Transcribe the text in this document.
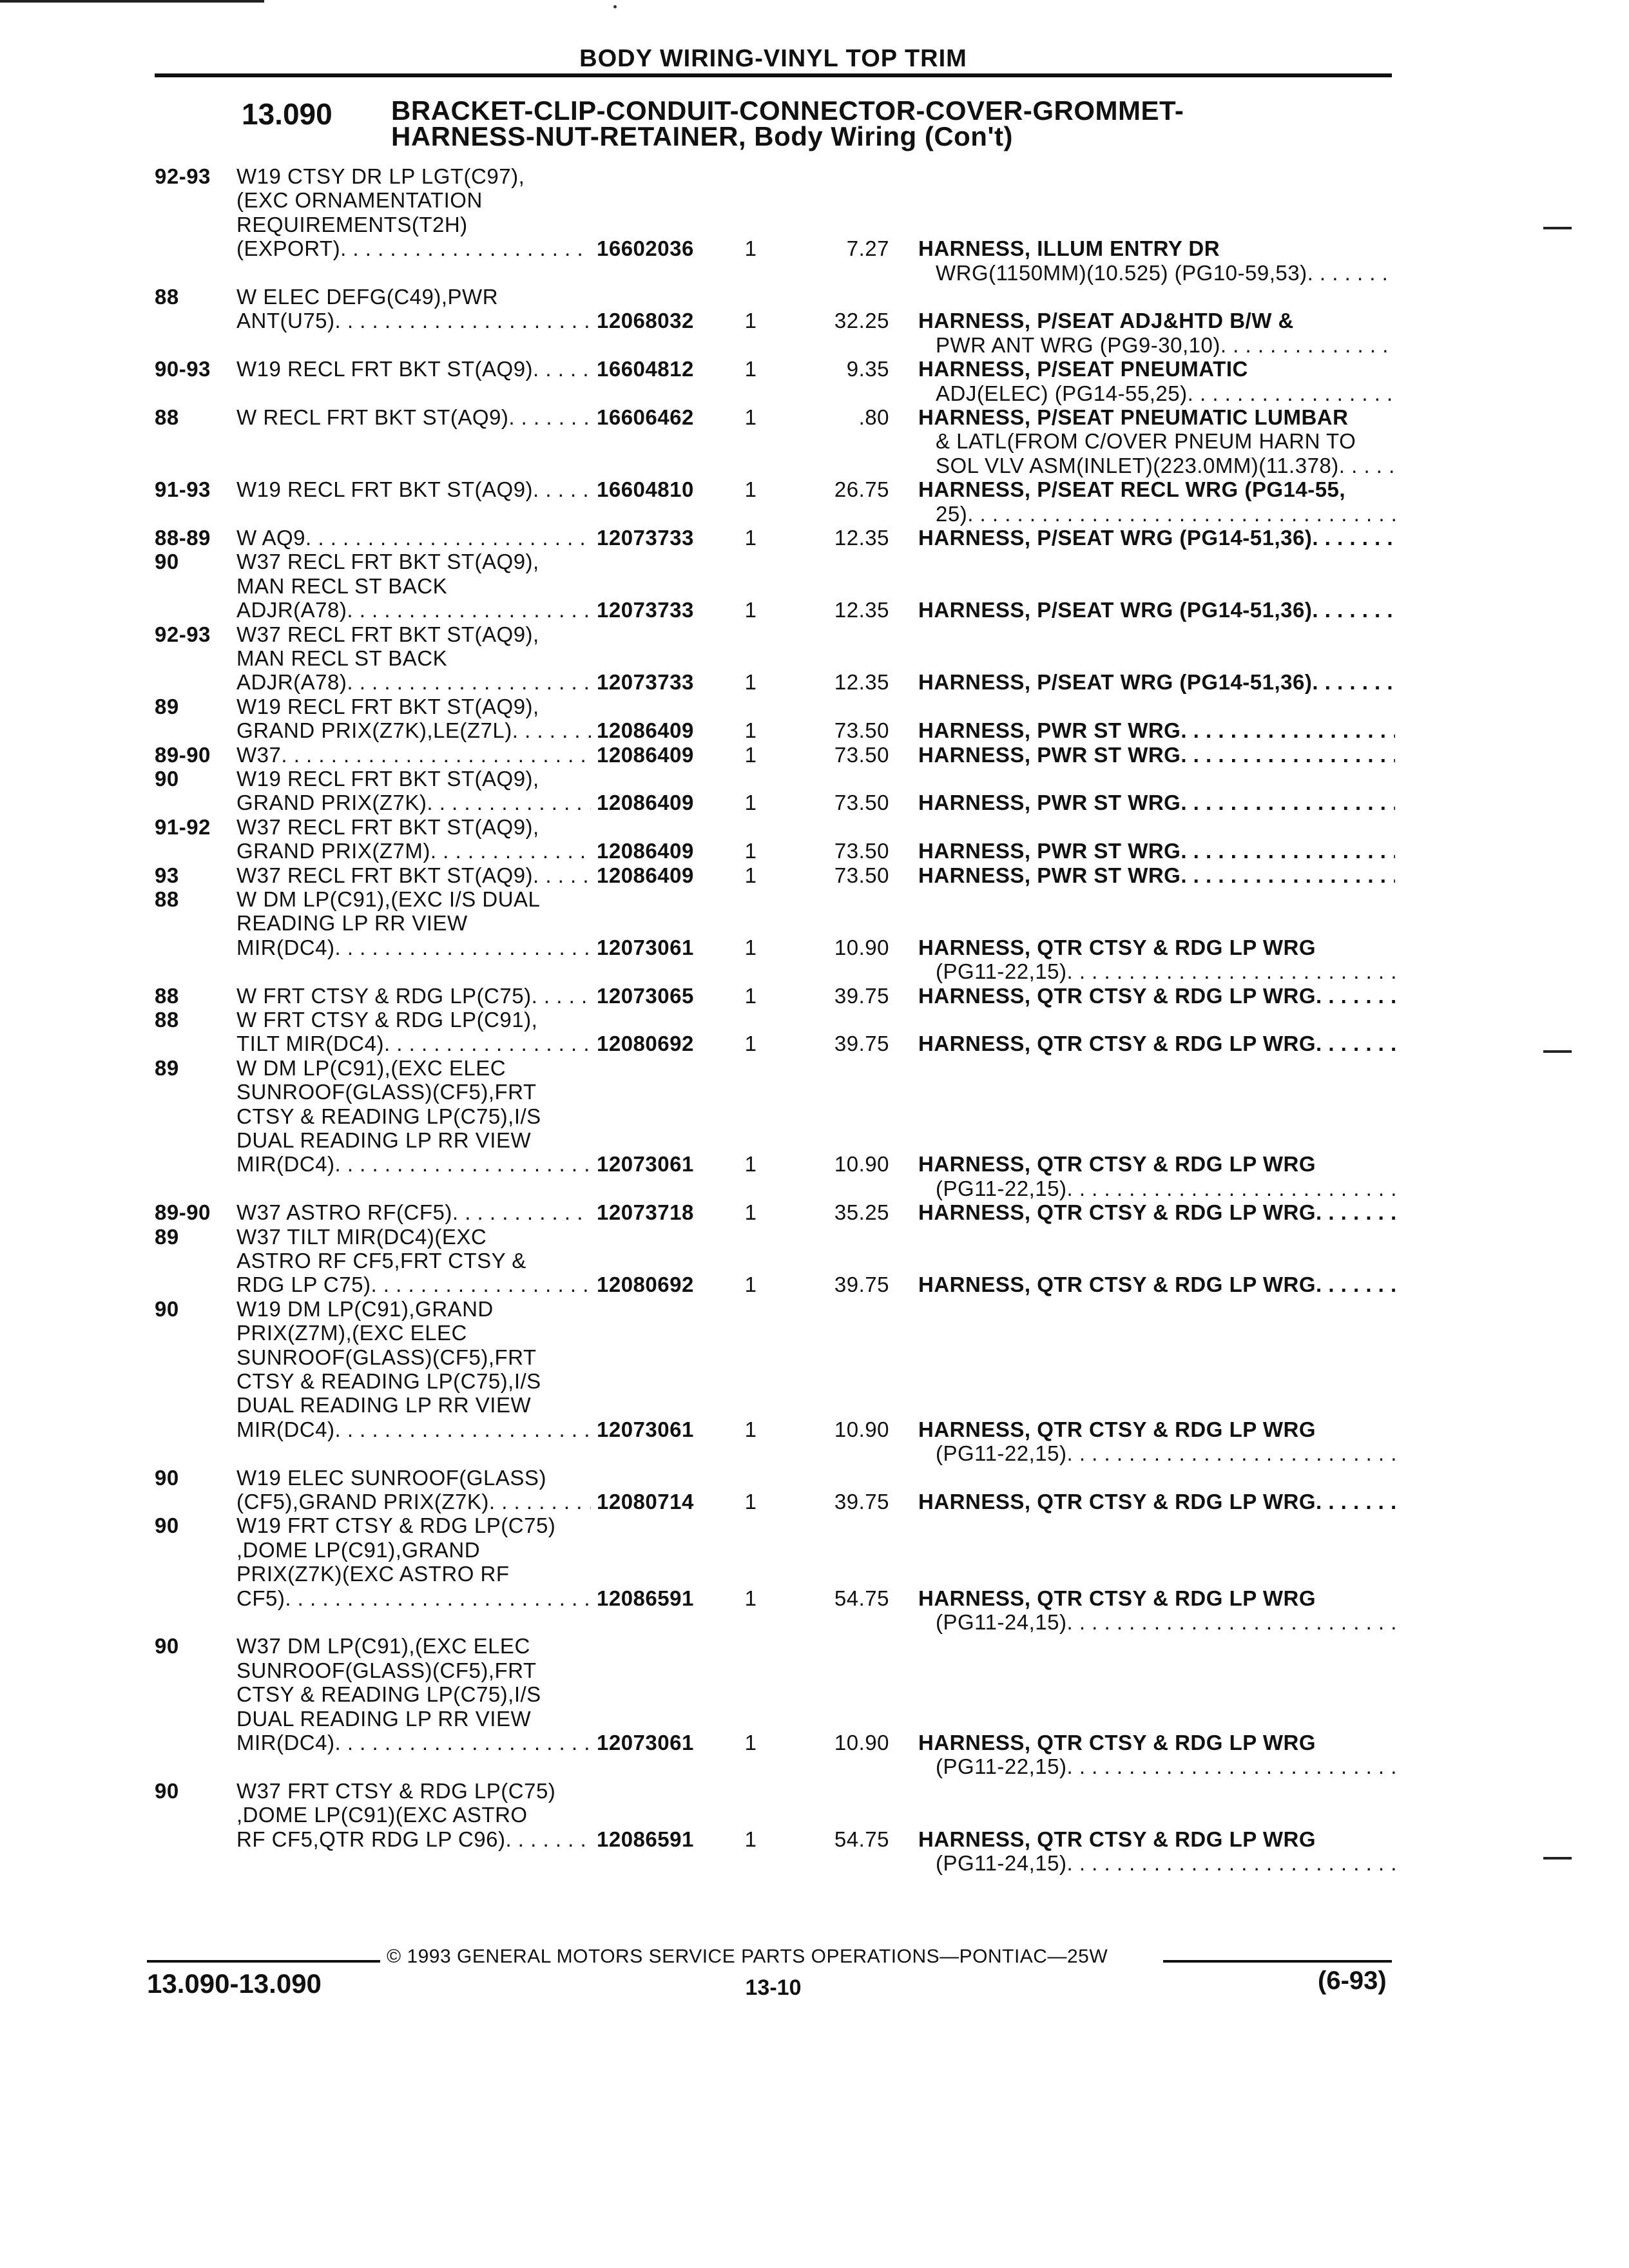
BODY WIRING-VINYL TOP TRIM
13.090 BRACKET-CLIP-CONDUIT-CONNECTOR-COVER-GROMMET-
HARNESS-NUT-RETAINER, Body Wiring (Con't)
92-93	W19 CTSY DR LP LGT(C97),
(EXC ORNAMENTATION
REQUIREMENTS(T2H)
(EXPORT) . . .	16602036	1	7.27 HARNESS, ILLUM ENTRY DR
WRG(1150MM)(10.525) (PG10-59,53)
. . .
88	W ELEC DEFG(C49),PWR
ANT(U75) . . .	12068032	1	32.25 HARNESS, P/SEAT ADJ&HTD B/W &
PWR ANT WRG (PG9-30,10)
. . .
90-93	W19 RECL FRT BKT ST(AQ9) . . .	16604812	1	9.35 HARNESS, P/SEAT PNEUMATIC
ADJ(ELEC) (PG14-55,25)
. . .
88	W RECL FRT BKT ST(AQ9) . . .	16606462	1	.80 HARNESS, P/SEAT PNEUMATIC LUMBAR
& LATL(FROM C/OVER PNEUM HARN TO
SOL VLV ASM(INLET)(223.0MM)(11.378)
. . .
91-93	W19 RECL FRT BKT ST(AQ9) . . .	16604810	1	26.75 HARNESS, P/SEAT RECL WRG (PG14-55,
25)
. . .
88-89	W AQ9 . . .	12073733	1	12.35 HARNESS, P/SEAT WRG (PG14-51,36)
. . .
90	W37 RECL FRT BKT ST(AQ9),
MAN RECL ST BACK
ADJR(A78) . . .	12073733	1	12.35 HARNESS, P/SEAT WRG (PG14-51,36)
. . .
92-93	W37 RECL FRT BKT ST(AQ9),
MAN RECL ST BACK
ADJR(A78) . . .	12073733	1	12.35 HARNESS, P/SEAT WRG (PG14-51,36)
. . .
89	W19 RECL FRT BKT ST(AQ9),
GRAND PRIX(Z7K),LE(Z7L) . . .	12086409	1	73.50 HARNESS, PWR ST WRG
. . .
89-90	W37 . . .	12086409	1	73.50 HARNESS, PWR ST WRG
. . .
90	W19 RECL FRT BKT ST(AQ9),
GRAND PRIX(Z7K) . . .	12086409	1	73.50 HARNESS, PWR ST WRG
. . .
91-92	W37 RECL FRT BKT ST(AQ9),
GRAND PRIX(Z7M) . . .	12086409	1	73.50 HARNESS, PWR ST WRG
. . .
93	W37 RECL FRT BKT ST(AQ9) . . .	12086409	1	73.50 HARNESS, PWR ST WRG
. . .
88	W DM LP(C91),(EXC I/S DUAL
READING LP RR VIEW
MIR(DC4) . . .	12073061	1	10.90 HARNESS, QTR CTSY & RDG LP WRG
(PG11-22,15)
. . .
88	W FRT CTSY & RDG LP(C75) . . .	12073065	1	39.75 HARNESS, QTR CTSY & RDG LP WRG
. . .
88	W FRT CTSY & RDG LP(C91),
TILT MIR(DC4) . . .	12080692	1	39.75 HARNESS, QTR CTSY & RDG LP WRG
. . .
89	W DM LP(C91),(EXC ELEC
SUNROOF(GLASS)(CF5),FRT
CTSY & READING LP(C75),I/S
DUAL READING LP RR VIEW
MIR(DC4) . . .	12073061	1	10.90 HARNESS, QTR CTSY & RDG LP WRG
(PG11-22,15)
. . .
89-90	W37 ASTRO RF(CF5) . . .	12073718	1	35.25 HARNESS, QTR CTSY & RDG LP WRG
. . .
89	W37 TILT MIR(DC4)(EXC
ASTRO RF CF5,FRT CTSY &
RDG LP C75) . . .	12080692	1	39.75 HARNESS, QTR CTSY & RDG LP WRG
. . .
90	W19 DM LP(C91),GRAND
PRIX(Z7M),(EXC ELEC
SUNROOF(GLASS)(CF5),FRT
CTSY & READING LP(C75),I/S
DUAL READING LP RR VIEW
MIR(DC4) . . .	12073061	1	10.90 HARNESS, QTR CTSY & RDG LP WRG
(PG11-22,15)
. . .
90	W19 ELEC SUNROOF(GLASS)
(CF5),GRAND PRIX(Z7K) . . .	12080714	1	39.75 HARNESS, QTR CTSY & RDG LP WRG
. . .
90	W19 FRT CTSY & RDG LP(C75)
,DOME LP(C91),GRAND
PRIX(Z7K)(EXC ASTRO RF
CF5) . . .	12086591	1	54.75 HARNESS, QTR CTSY & RDG LP WRG
(PG11-24,15)
. . .
90	W37 DM LP(C91),(EXC ELEC
SUNROOF(GLASS)(CF5),FRT
CTSY & READING LP(C75),I/S
DUAL READING LP RR VIEW
MIR(DC4) . . .	12073061	1	10.90 HARNESS, QTR CTSY & RDG LP WRG
(PG11-22,15)
. . .
90	W37 FRT CTSY & RDG LP(C75)
,DOME LP(C91)(EXC ASTRO
RF CF5,QTR RDG LP C96) . . .	12086591	1	54.75 HARNESS, QTR CTSY & RDG LP WRG
(PG11-24,15)
. . .
© 1993 GENERAL MOTORS SERVICE PARTS OPERATIONS—PONTIAC—25W
13.090-13.090	13-10	(6-93)
